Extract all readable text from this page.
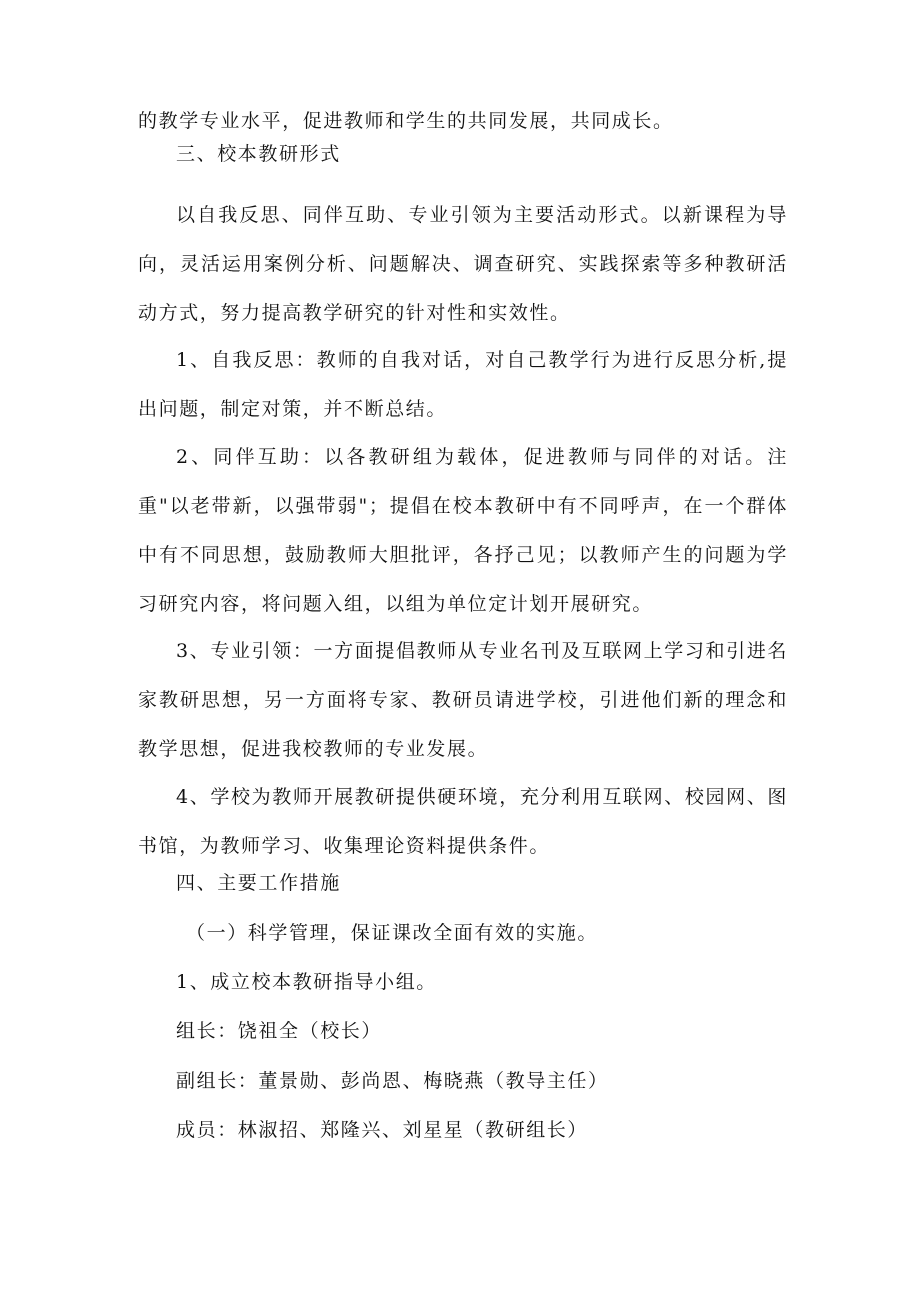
的教学专业水平，促进教师和学生的共同发展，共同成长。

三、校本教研形式

以自我反思、同伴互助、专业引领为主要活动形式。以新课程为导向，灵活运用案例分析、问题解决、调查研究、实践探索等多种教研活动方式，努力提高教学研究的针对性和实效性。

1、自我反思：教师的自我对话，对自己教学行为进行反思分析,提出问题，制定对策，并不断总结。

2、同伴互助：以各教研组为载体，促进教师与同伴的对话。注重"以老带新，以强带弱"；提倡在校本教研中有不同呼声，在一个群体中有不同思想，鼓励教师大胆批评，各抒己见；以教师产生的问题为学习研究内容，将问题入组，以组为单位定计划开展研究。

3、专业引领：一方面提倡教师从专业名刊及互联网上学习和引进名家教研思想，另一方面将专家、教研员请进学校，引进他们新的理念和教学思想，促进我校教师的专业发展。

4、学校为教师开展教研提供硬环境，充分利用互联网、校园网、图书馆，为教师学习、收集理论资料提供条件。

四、主要工作措施

（一）科学管理，保证课改全面有效的实施。

1、成立校本教研指导小组。

组长：饶祖全（校长）

副组长：董景勋、彭尚恩、梅晓燕（教导主任）

成员：林淑招、郑隆兴、刘星星（教研组长）
